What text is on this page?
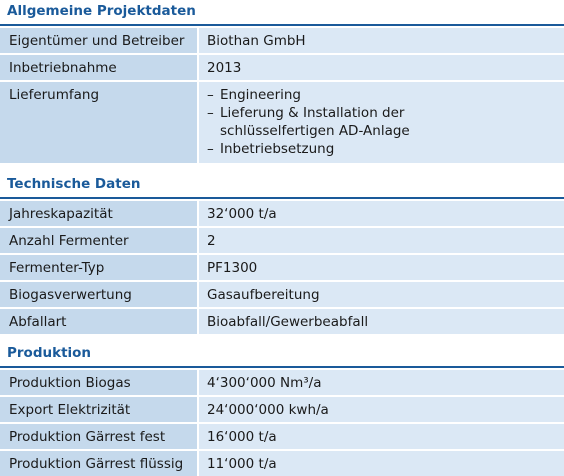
Allgemeine Projektdaten
Eigentümer und Betreiber	Biothan GmbH
Inbetriebnahme	2013
Lieferumfang
–	Engineering
– Lieferung & Installation der schlüsselfertigen AD-Anlage
– Inbetriebsetzung
Technische Daten
Jahreskapazität	32‘000 t/a
Anzahl Fermenter	2
Fermenter-Typ	PF1300
Biogasverwertung	Gasaufbereitung
Abfallart	Bioabfall/Gewerbeabfall
Produktion
Produktion Biogas	4‘300‘000 Nm³/a
Export Elektrizität	24‘000‘000 kwh/a
Produktion Gärrest fest	16‘000 t/a
Produktion Gärrest flüssig	11‘000 t/a
